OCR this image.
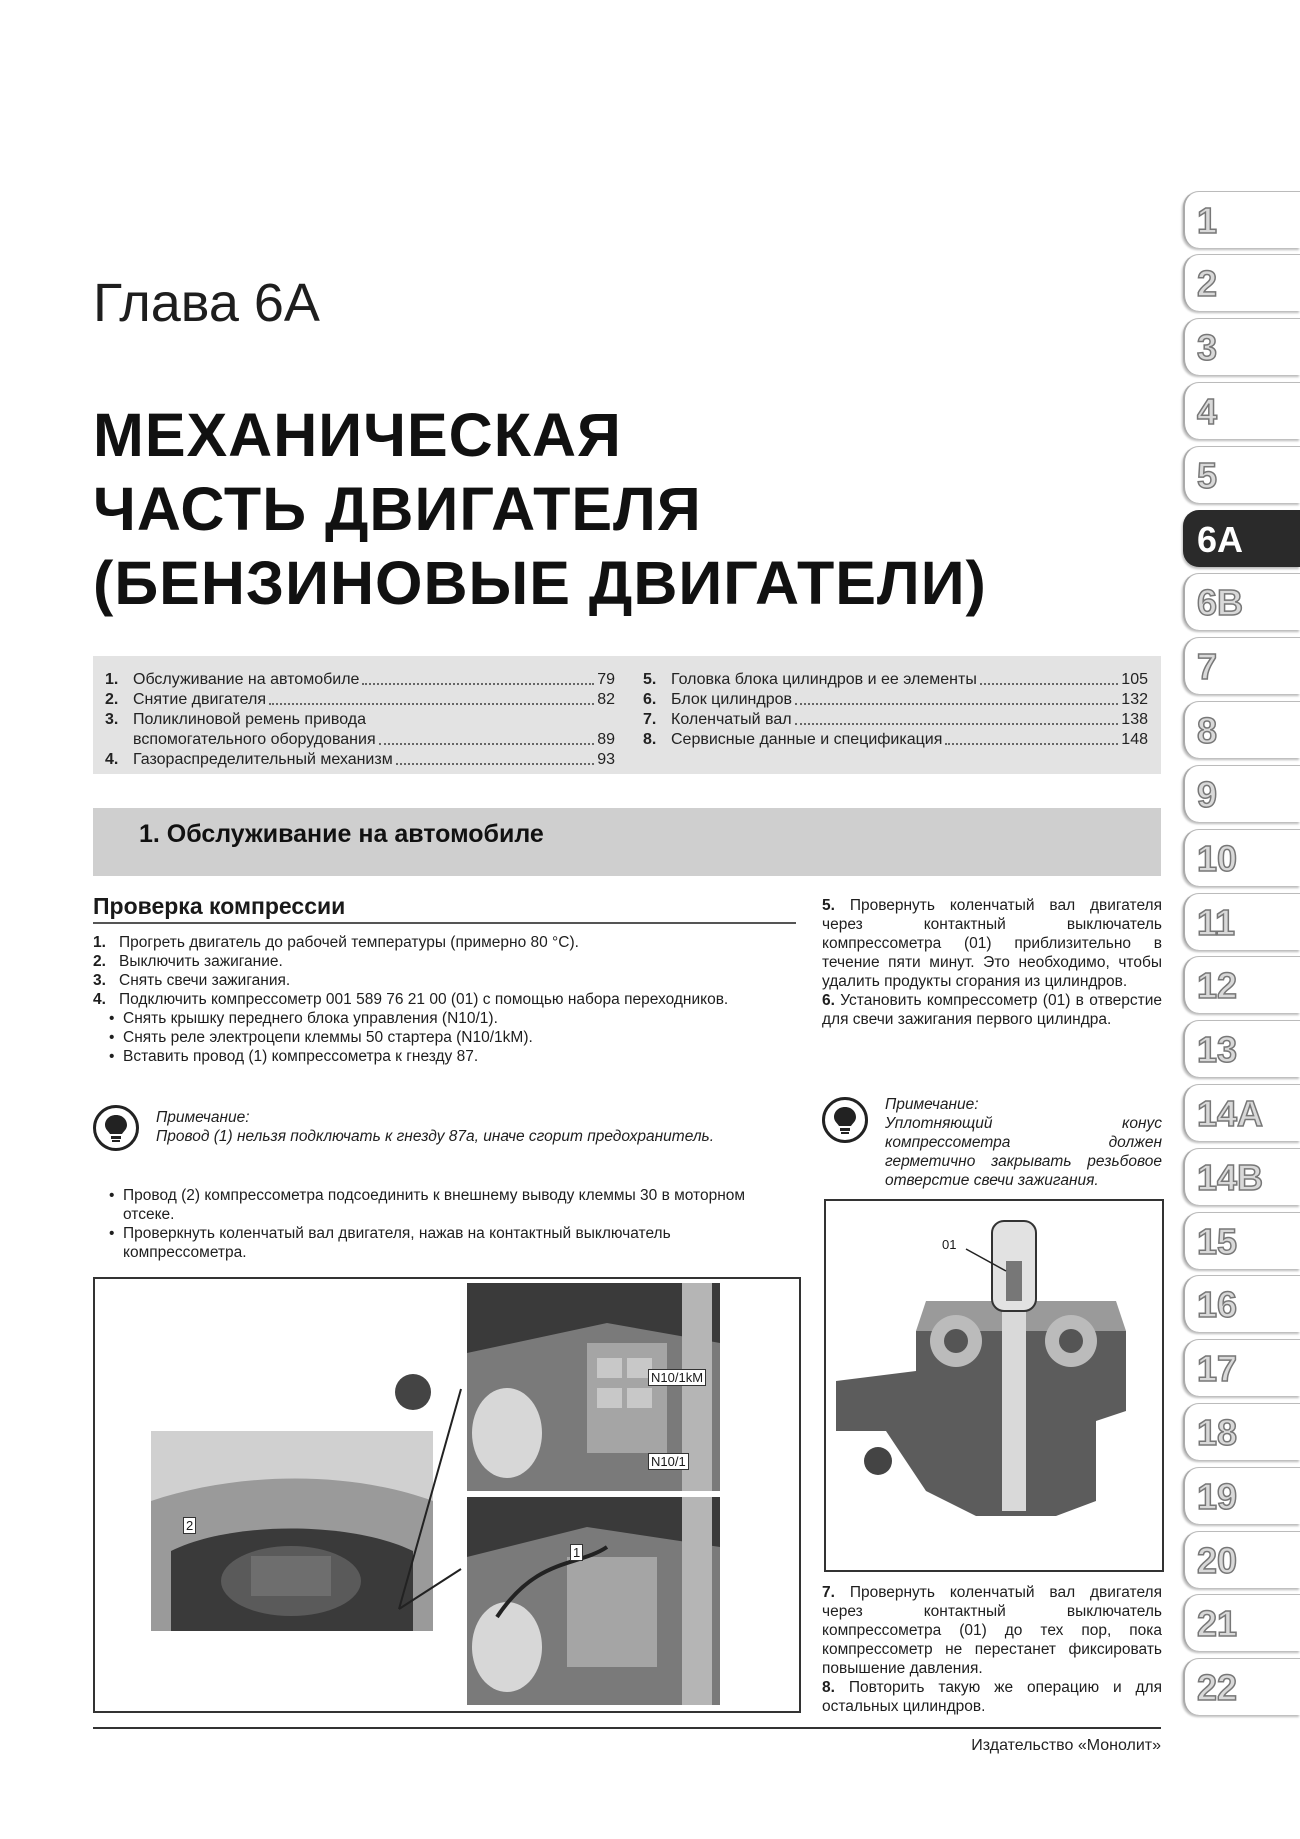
Глава 6А
МЕХАНИЧЕСКАЯ
ЧАСТЬ ДВИГАТЕЛЯ
(БЕНЗИНОВЫЕ ДВИГАТЕЛИ)
1. Обслуживание на автомобиле	79
2. Снятие двигателя	82
3. Поликлиновой ремень привода
вспомогательного оборудования	89
4. Газораспределительный механизм	93
5. Головка блока цилиндров и ее элементы	105
6. Блок цилиндров	132
7. Коленчатый вал	138
8. Сервисные данные и спецификация	148
1. Обслуживание на автомобиле
Проверка компрессии
1. Прогреть двигатель до рабочей температуры (примерно 80 °С).
2. Выключить зажигание.
3. Снять свечи зажигания.
4. Подключить компрессометр 001 589 76 21 00 (01) с помощью набора переходников.
• Снять крышку переднего блока управления (N10/1).
• Снять реле электроцепи клеммы 50 стартера (N10/1kM).
• Вставить провод (1) компрессометра к гнезду 87.
Примечание:
Провод (1) нельзя подключать к гнезду 87а, иначе сгорит предохранитель.
• Провод (2) компрессометра подсоединить к внешнему выводу клеммы 30 в моторном отсеке.
• Проверкнуть коленчатый вал двигателя, нажав на контактный выключатель компрессометра.
2
N10/1kM
N10/1
1
5. Провернуть коленчатый вал двигателя через контактный выключатель компрессометра (01) приблизительно в течение пяти минут. Это необходимо, чтобы удалить продукты сгорания из цилиндров.
6. Установить компрессометр (01) в отверстие для свечи зажигания первого цилиндра.
Примечание:
Уплотняющий конус компрессометра должен герметично закрывать резьбовое отверстие свечи зажигания.
01
7. Провернуть коленчатый вал двигателя через контактный выключатель компрессометра (01) до тех пор, пока компрессометр не перестанет фиксировать повышение давления.
8. Повторить такую же операцию и для остальных цилиндров.
Издательство «Монолит»
1
2
3
4
5
6А
6В
7
8
9
10
11
12
13
14А
14В
15
16
17
18
19
20
21
22
